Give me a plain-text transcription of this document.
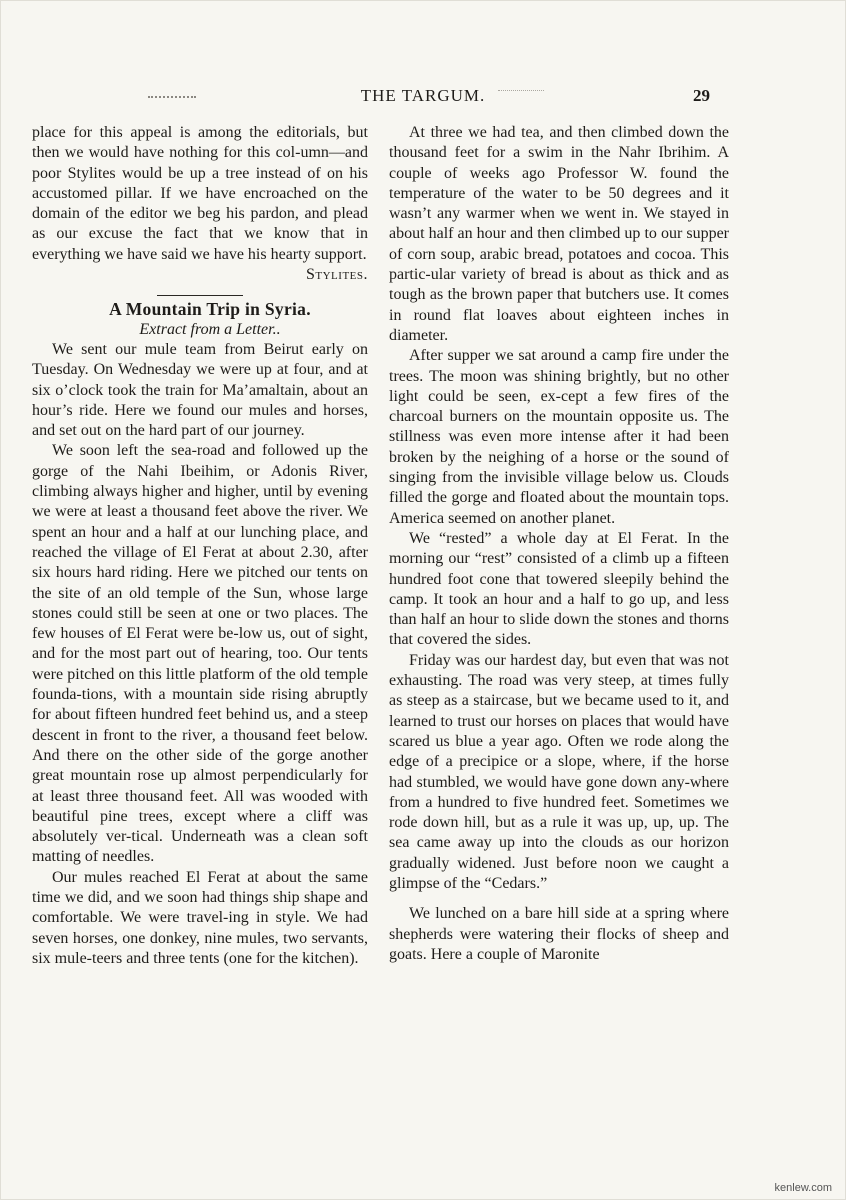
THE TARGUM.	29

place for this appeal is among the editorials, but then we would have nothing for this col-umn—and poor Stylites would be up a tree instead of on his accustomed pillar. If we have encroached on the domain of the editor we beg his pardon, and plead as our excuse the fact that we know that in everything we have said we have his hearty support.

Stylites.

A Mountain Trip in Syria.

Extract from a Letter..

We sent our mule team from Beirut early on Tuesday. On Wednesday we were up at four, and at six o’clock took the train for Ma’amaltain, about an hour’s ride. Here we found our mules and horses, and set out on the hard part of our journey.

We soon left the sea-road and followed up the gorge of the Nahi Ibeihim, or Adonis River, climbing always higher and higher, until by evening we were at least a thousand feet above the river. We spent an hour and a half at our lunching place, and reached the village of El Ferat at about 2.30, after six hours hard riding. Here we pitched our tents on the site of an old temple of the Sun, whose large stones could still be seen at one or two places. The few houses of El Ferat were be-low us, out of sight, and for the most part out of hearing, too. Our tents were pitched on this little platform of the old temple founda-tions, with a mountain side rising abruptly for about fifteen hundred feet behind us, and a steep descent in front to the river, a thousand feet below. And there on the other side of the gorge another great mountain rose up almost perpendicularly for at least three thousand feet. All was wooded with beautiful pine trees, except where a cliff was absolutely ver-tical. Underneath was a clean soft matting of needles.

Our mules reached El Ferat at about the same time we did, and we soon had things ship shape and comfortable. We were travel-ing in style. We had seven horses, one donkey, nine mules, two servants, six mule-teers and three tents (one for the kitchen).

At three we had tea, and then climbed down the thousand feet for a swim in the Nahr Ibrihim. A couple of weeks ago Professor W. found the temperature of the water to be 50 degrees and it wasn’t any warmer when we went in. We stayed in about half an hour and then climbed up to our supper of corn soup, arabic bread, potatoes and cocoa. This partic-ular variety of bread is about as thick and as tough as the brown paper that butchers use. It comes in round flat loaves about eighteen inches in diameter.

After supper we sat around a camp fire under the trees. The moon was shining brightly, but no other light could be seen, ex-cept a few fires of the charcoal burners on the mountain opposite us. The stillness was even more intense after it had been broken by the neighing of a horse or the sound of singing from the invisible village below us. Clouds filled the gorge and floated about the mountain tops. America seemed on another planet.

We “rested” a whole day at El Ferat. In the morning our “rest” consisted of a climb up a fifteen hundred foot cone that towered sleepily behind the camp. It took an hour and a half to go up, and less than half an hour to slide down the stones and thorns that covered the sides.

Friday was our hardest day, but even that was not exhausting. The road was very steep, at times fully as steep as a staircase, but we became used to it, and learned to trust our horses on places that would have scared us blue a year ago. Often we rode along the edge of a precipice or a slope, where, if the horse had stumbled, we would have gone down any-where from a hundred to five hundred feet. Sometimes we rode down hill, but as a rule it was up, up, up. The sea came away up into the clouds as our horizon gradually widened. Just before noon we caught a glimpse of the “Cedars.”

We lunched on a bare hill side at a spring where shepherds were watering their flocks of sheep and goats. Here a couple of Maronite

kenlew.com
